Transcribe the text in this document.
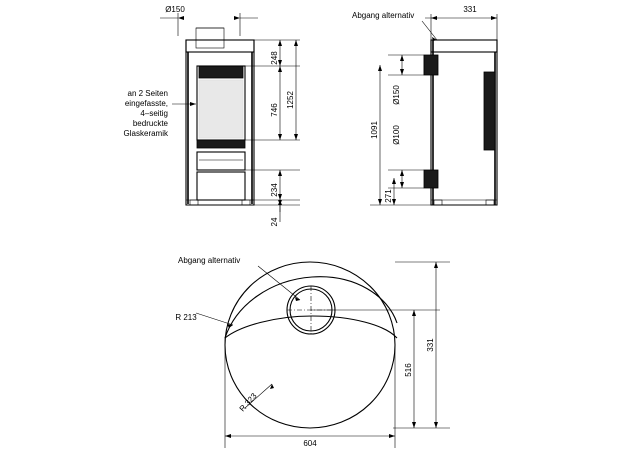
Ø150
248
746
1252
234
24
an 2 Seiten
eingefasste,
4–seitig
bedruckte
Glaskeramik
331
Abgang alternativ
Ø150
Ø100
1091
271
Abgang alternativ
R 213
R 323
604
331
516
